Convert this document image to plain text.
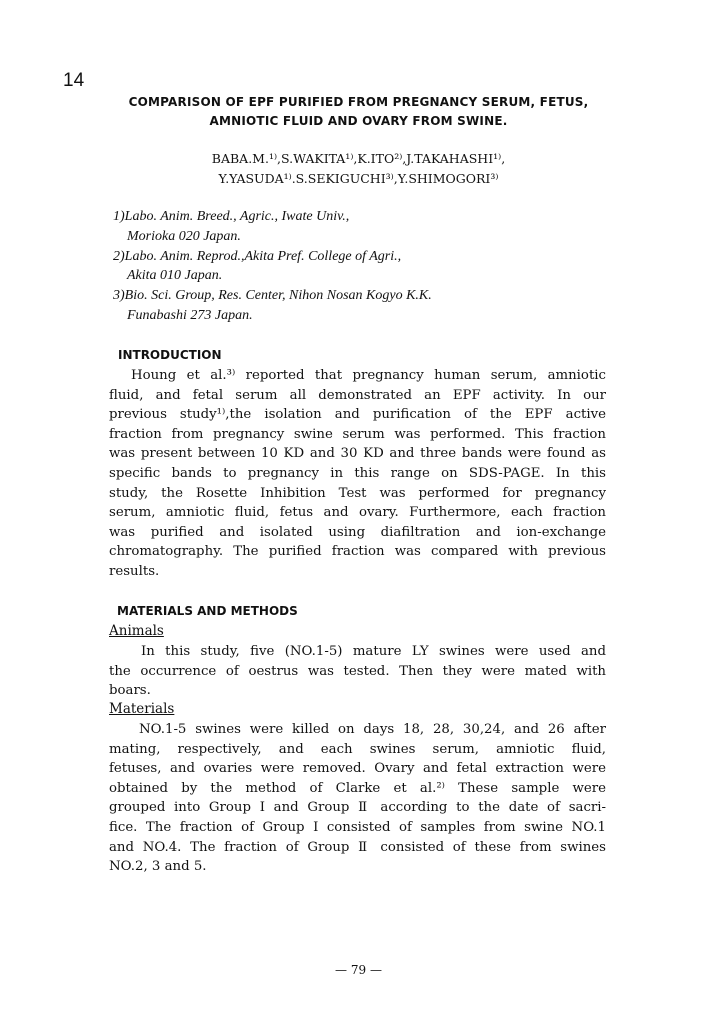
14
COMPARISON OF EPF PURIFIED FROM PREGNANCY SERUM, FETUS,
AMNIOTIC FLUID AND OVARY FROM SWINE.
BABA.M.¹⁾,S.WAKITA¹⁾,K.ITO²⁾,J.TAKAHASHI¹⁾,
Y.YASUDA¹⁾.S.SEKIGUCHI³⁾,Y.SHIMOGORI³⁾
1)Labo. Anim. Breed., Agric., Iwate Univ.,
Morioka 020 Japan.
2)Labo. Anim. Reprod.,Akita Pref. College of Agri.,
Akita 010 Japan.
3)Bio. Sci. Group, Res. Center, Nihon Nosan Kogyo K.K.
Funabashi 273 Japan.
INTRODUCTION
Houng et al.³⁾ reported that pregnancy human serum, amniotic
fluid, and fetal serum all demonstrated an EPF activity. In our
previous study¹⁾,the isolation and purification of the EPF active
fraction from pregnancy swine serum was performed. This fraction
was present between 10 KD and 30 KD and three bands were found as
specific bands to pregnancy in this range on SDS-PAGE. In this
study, the Rosette Inhibition Test was performed for pregnancy
serum, amniotic fluid, fetus and ovary. Furthermore, each fraction
was purified and isolated using diafiltration and ion-exchange
chromatography. The purified fraction was compared with previous
results.
MATERIALS AND METHODS
Animals
In this study, five (NO.1-5) mature LY swines were used and
the occurrence of oestrus was tested. Then they were mated with
boars.
Materials
NO.1-5 swines were killed on days 18, 28, 30,24, and 26 after
mating, respectively, and each swines serum, amniotic fluid,
fetuses, and ovaries were removed. Ovary and fetal extraction were
obtained by the method of Clarke et al.²⁾ These sample were
grouped into Group I and Group Ⅱ according to the date of sacri-
fice. The fraction of Group I consisted of samples from swine NO.1
and NO.4. The fraction of Group Ⅱ consisted of these from swines
NO.2, 3 and 5.
— 79 —
